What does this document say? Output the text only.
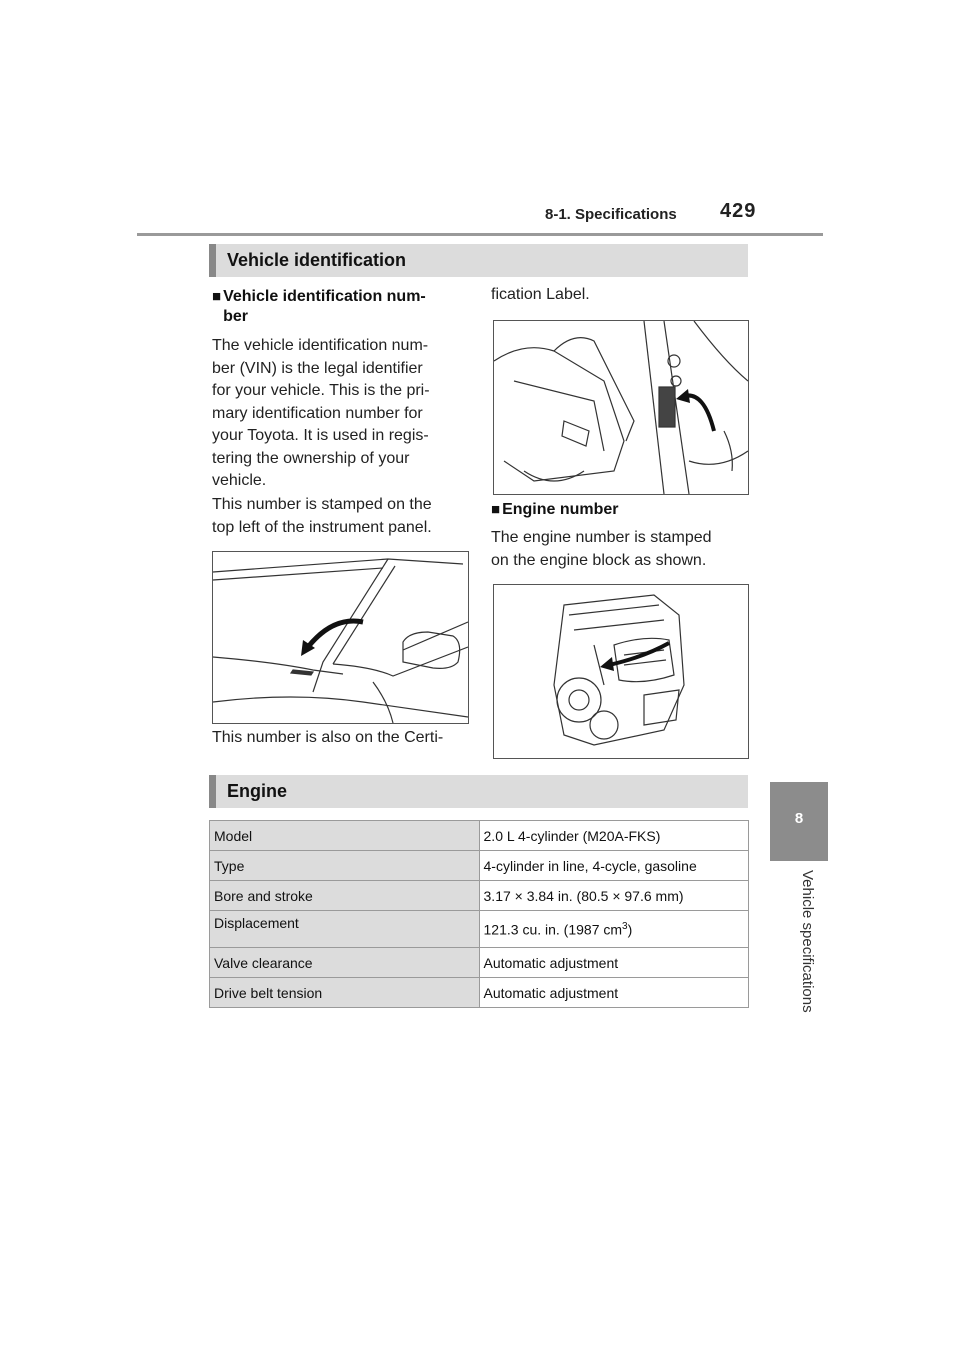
8-1. Specifications 429
8
Vehicle specifications
Vehicle identification
■ Vehicle identification num-
ber
The vehicle identification num-
ber (VIN) is the legal identifier
for your vehicle. This is the pri-
mary identification number for
your Toyota. It is used in regis-
tering the ownership of your
vehicle.
This number is stamped on the
top left of the instrument panel.
This number is also on the Certi-
fication Label.
■ Engine number
The engine number is stamped
on the engine block as shown.
Engine
Model	2.0 L 4-cylinder (M20A-FKS)
Type	4-cylinder in line, 4-cycle, gasoline
Bore and stroke	3.17 × 3.84 in. (80.5 × 97.6 mm)
Displacement	121.3 cu. in. (1987 $cm^3$)
Valve clearance	Automatic adjustment
Drive belt tension	Automatic adjustment
